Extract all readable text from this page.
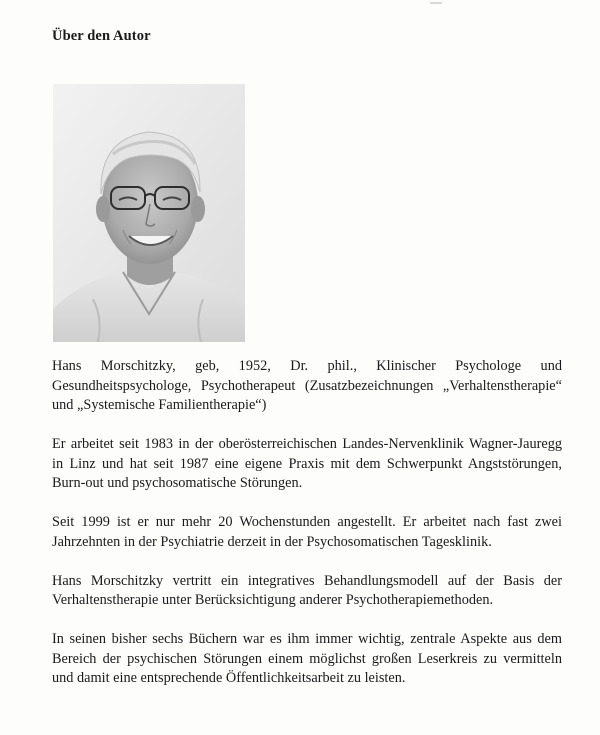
Über den Autor

Hans Morschitzky, geb, 1952, Dr. phil., Klinischer Psychologe und Gesundheitspsychologe, Psychotherapeut (Zusatzbezeichnungen „Verhaltenstherapie“ und „Systemische Familientherapie“)

Er arbeitet seit 1983 in der oberösterreichischen Landes-Nervenklinik Wagner-Jauregg in Linz und hat seit 1987 eine eigene Praxis mit dem Schwerpunkt Angststörungen, Burn-out und psychosomatische Störungen.

Seit 1999 ist er nur mehr 20 Wochenstunden angestellt. Er arbeitet nach fast zwei Jahrzehnten in der Psychiatrie derzeit in der Psychosomatischen Tagesklinik.

Hans Morschitzky vertritt ein integratives Behandlungsmodell auf der Basis der Verhaltenstherapie unter Berücksichtigung anderer Psychotherapiemethoden.

In seinen bisher sechs Büchern war es ihm immer wichtig, zentrale Aspekte aus dem Bereich der psychischen Störungen einem möglichst großen Leserkreis zu vermitteln und damit eine entsprechende Öffentlichkeitsarbeit zu leisten.
